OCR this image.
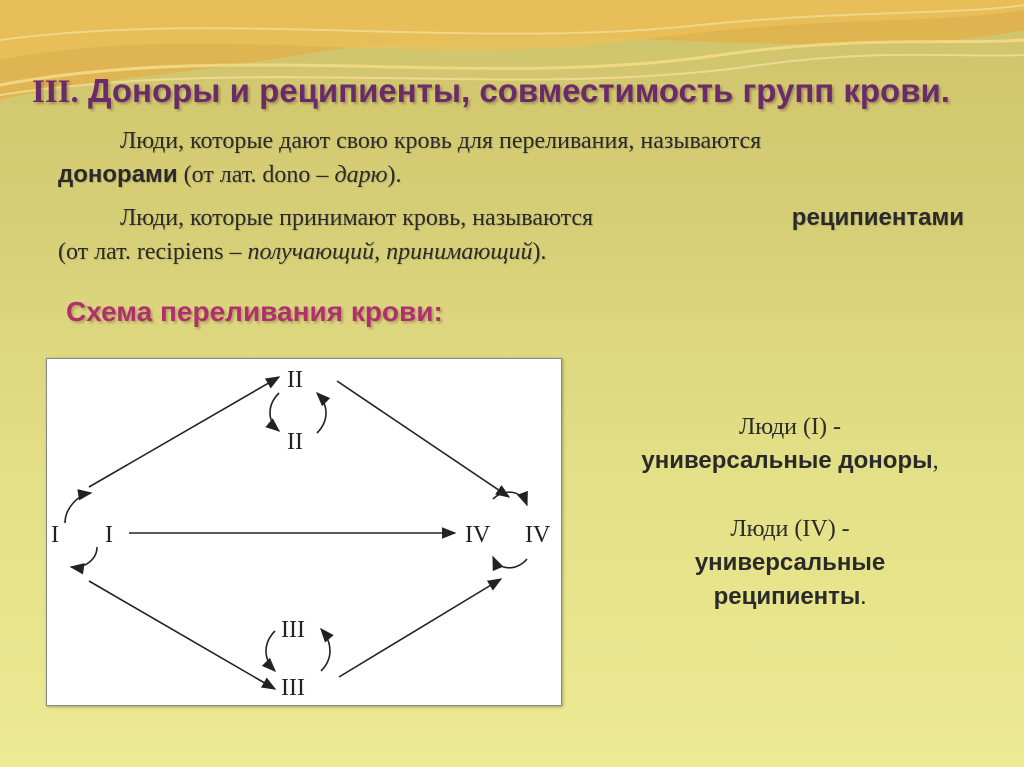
III. Доноры и реципиенты, совместимость групп крови.
Люди, которые дают свою кровь для переливания, называются
донорами (от лат. dono – дарю).
Люди, которые принимают кровь, называются	реципиентами
(от лат. recipiens – получающий, принимающий).
Схема переливания крови:
I I
II
II
III
III
IV IV
Люди (I) -
универсальные доноры,
Люди (IV) -
универсальные
реципиенты.
